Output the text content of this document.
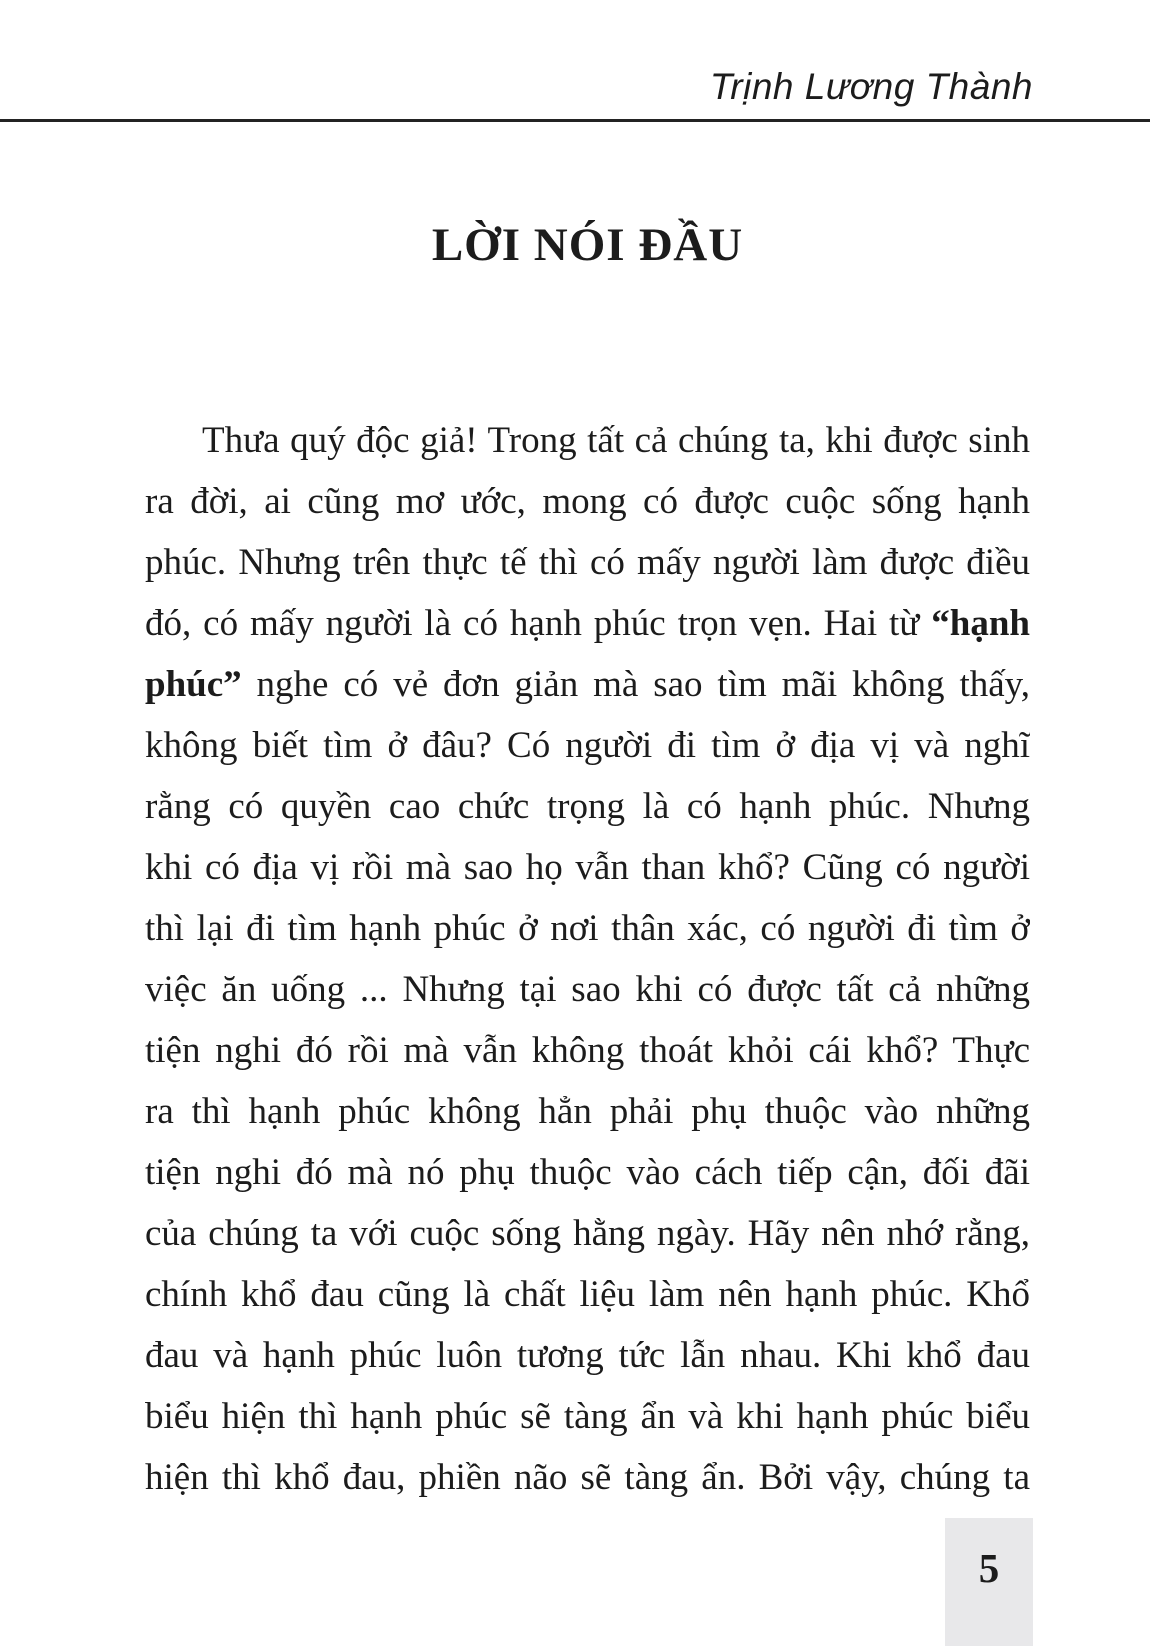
Trịnh Lương Thành
LỜI NÓI ĐẦU
Thưa quý độc giả! Trong tất cả chúng ta, khi được sinh
ra đời, ai cũng mơ ước, mong có được cuộc sống hạnh
phúc. Nhưng trên thực tế thì có mấy người làm được điều
đó, có mấy người là có hạnh phúc trọn vẹn. Hai từ “hạnh
phúc” nghe có vẻ đơn giản mà sao tìm mãi không thấy,
không biết tìm ở đâu? Có người đi tìm ở địa vị và nghĩ
rằng có quyền cao chức trọng là có hạnh phúc. Nhưng
khi có địa vị rồi mà sao họ vẫn than khổ? Cũng có người
thì lại đi tìm hạnh phúc ở nơi thân xác, có người đi tìm ở
việc ăn uống ... Nhưng tại sao khi có được tất cả những
tiện nghi đó rồi mà vẫn không thoát khỏi cái khổ? Thực
ra thì hạnh phúc không hẳn phải phụ thuộc vào những
tiện nghi đó mà nó phụ thuộc vào cách tiếp cận, đối đãi
của chúng ta với cuộc sống hằng ngày. Hãy nên nhớ rằng,
chính khổ đau cũng là chất liệu làm nên hạnh phúc. Khổ
đau và hạnh phúc luôn tương tức lẫn nhau. Khi khổ đau
biểu hiện thì hạnh phúc sẽ tàng ẩn và khi hạnh phúc biểu
hiện thì khổ đau, phiền não sẽ tàng ẩn. Bởi vậy, chúng ta
5
